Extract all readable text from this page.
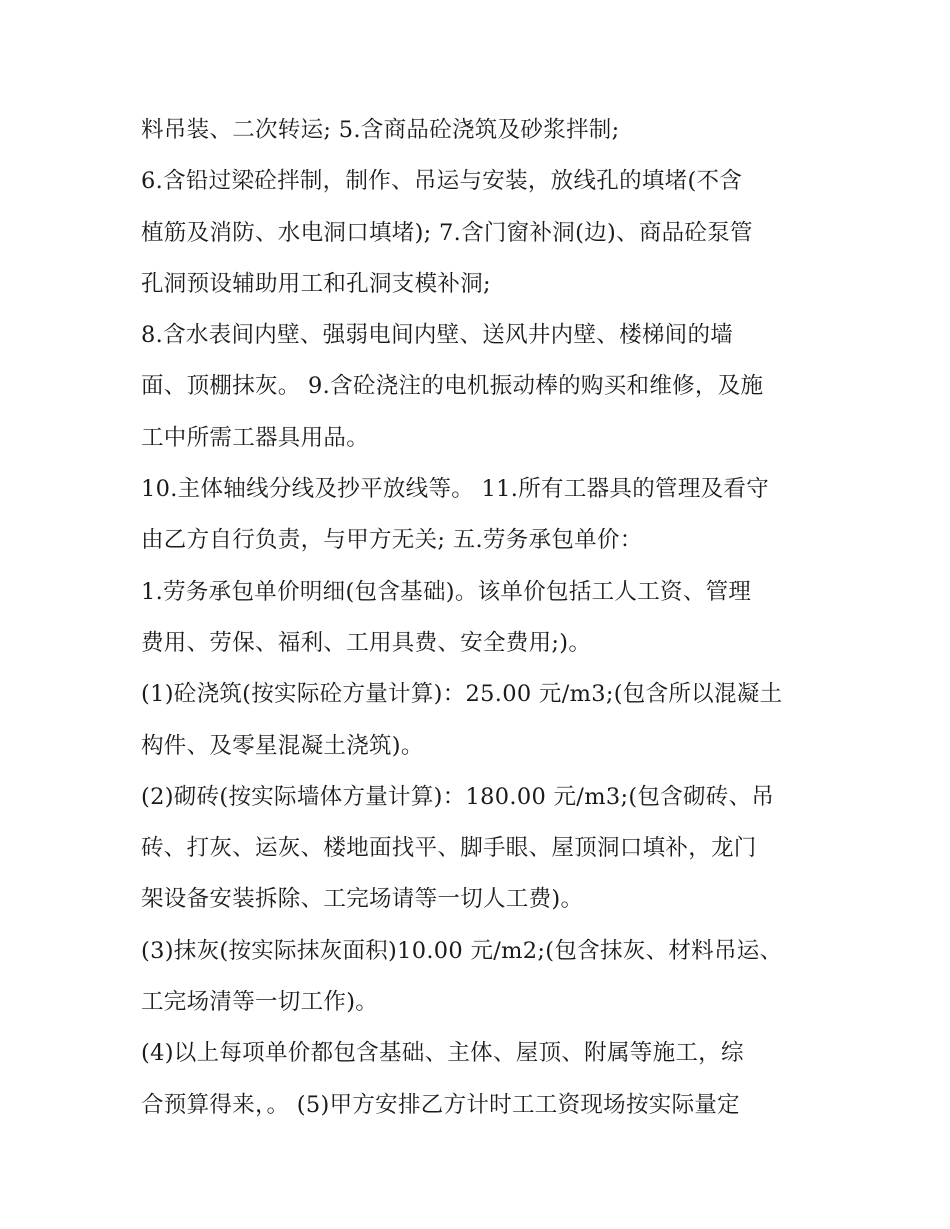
料吊装、二次转运; 5.含商品砼浇筑及砂浆拌制;
6.含铅过梁砼拌制，制作、吊运与安装，放线孔的填堵(不含
植筋及消防、水电洞口填堵); 7.含门窗补洞(边)、商品砼泵管
孔洞预设辅助用工和孔洞支模补洞;
8.含水表间内壁、强弱电间内壁、送风井内壁、楼梯间的墙
面、顶棚抹灰。 9.含砼浇注的电机振动棒的购买和维修，及施
工中所需工器具用品。
10.主体轴线分线及抄平放线等。 11.所有工器具的管理及看守
由乙方自行负责，与甲方无关; 五.劳务承包单价：
1.劳务承包单价明细(包含基础)。该单价包括工人工资、管理
费用、劳保、福利、工用具费、安全费用;)。
(1)砼浇筑(按实际砼方量计算)：25.00 元/m3;(包含所以混凝土
构件、及零星混凝土浇筑)。
(2)砌砖(按实际墙体方量计算)：180.00 元/m3;(包含砌砖、吊
砖、打灰、运灰、楼地面找平、脚手眼、屋顶洞口填补，龙门
架设备安装拆除、工完场请等一切人工费)。
(3)抹灰(按实际抹灰面积)10.00 元/m2;(包含抹灰、材料吊运、
工完场清等一切工作)。
(4)以上每项单价都包含基础、主体、屋顶、附属等施工，综
合预算得来，。 (5)甲方安排乙方计时工工资现场按实际量定
